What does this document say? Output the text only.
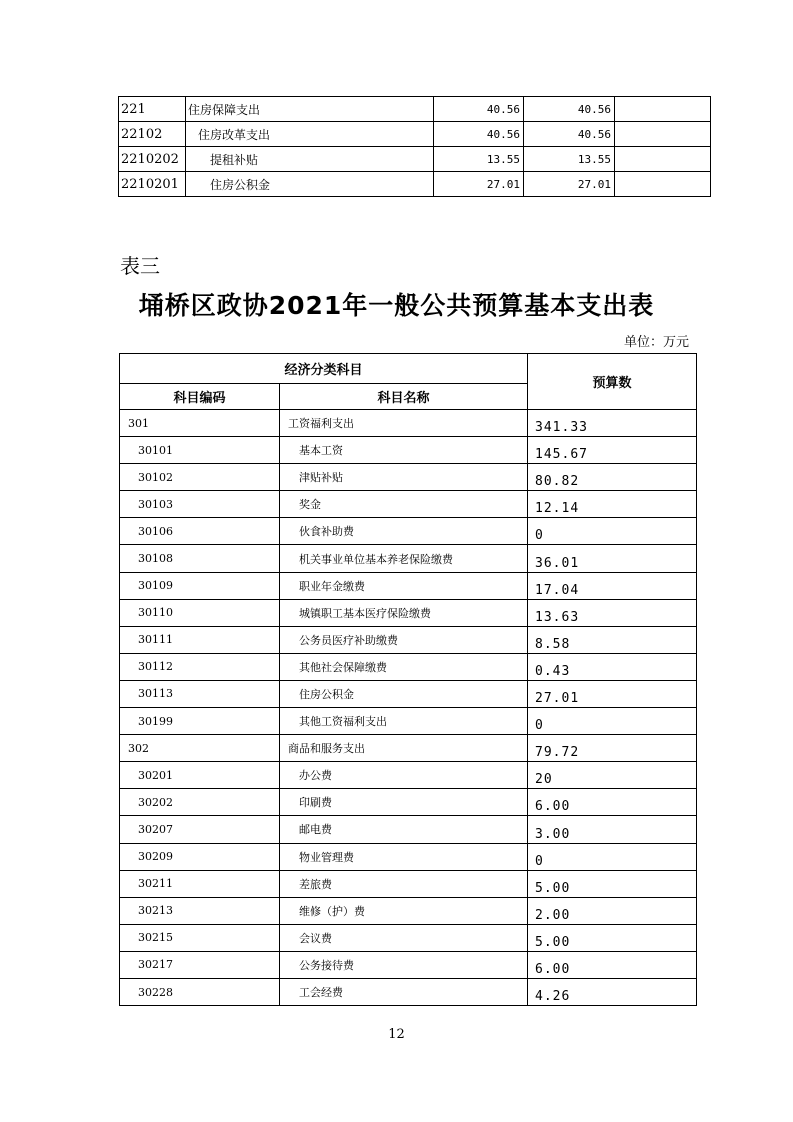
221	住房保障支出	40.56	40.56	
22102	住房改革支出	40.56	40.56	
2210202	提租补贴	13.55	13.55	
2210201	住房公积金	27.01	27.01	
表三
埇桥区政协2021年一般公共预算基本支出表
单位：万元
经济分类科目		预算数
科目编码	科目名称	
301	工资福利支出	341.33
30101	基本工资	145.67
30102	津贴补贴	80.82
30103	奖金	12.14
30106	伙食补助费	0
30108	机关事业单位基本养老保险缴费	36.01
30109	职业年金缴费	17.04
30110	城镇职工基本医疗保险缴费	13.63
30111	公务员医疗补助缴费	8.58
30112	其他社会保障缴费	0.43
30113	住房公积金	27.01
30199	其他工资福利支出	0
302	商品和服务支出	79.72
30201	办公费	20
30202	印刷费	6.00
30207	邮电费	3.00
30209	物业管理费	0
30211	差旅费	5.00
30213	维修（护）费	2.00
30215	会议费	5.00
30217	公务接待费	6.00
30228	工会经费	4.26
12
